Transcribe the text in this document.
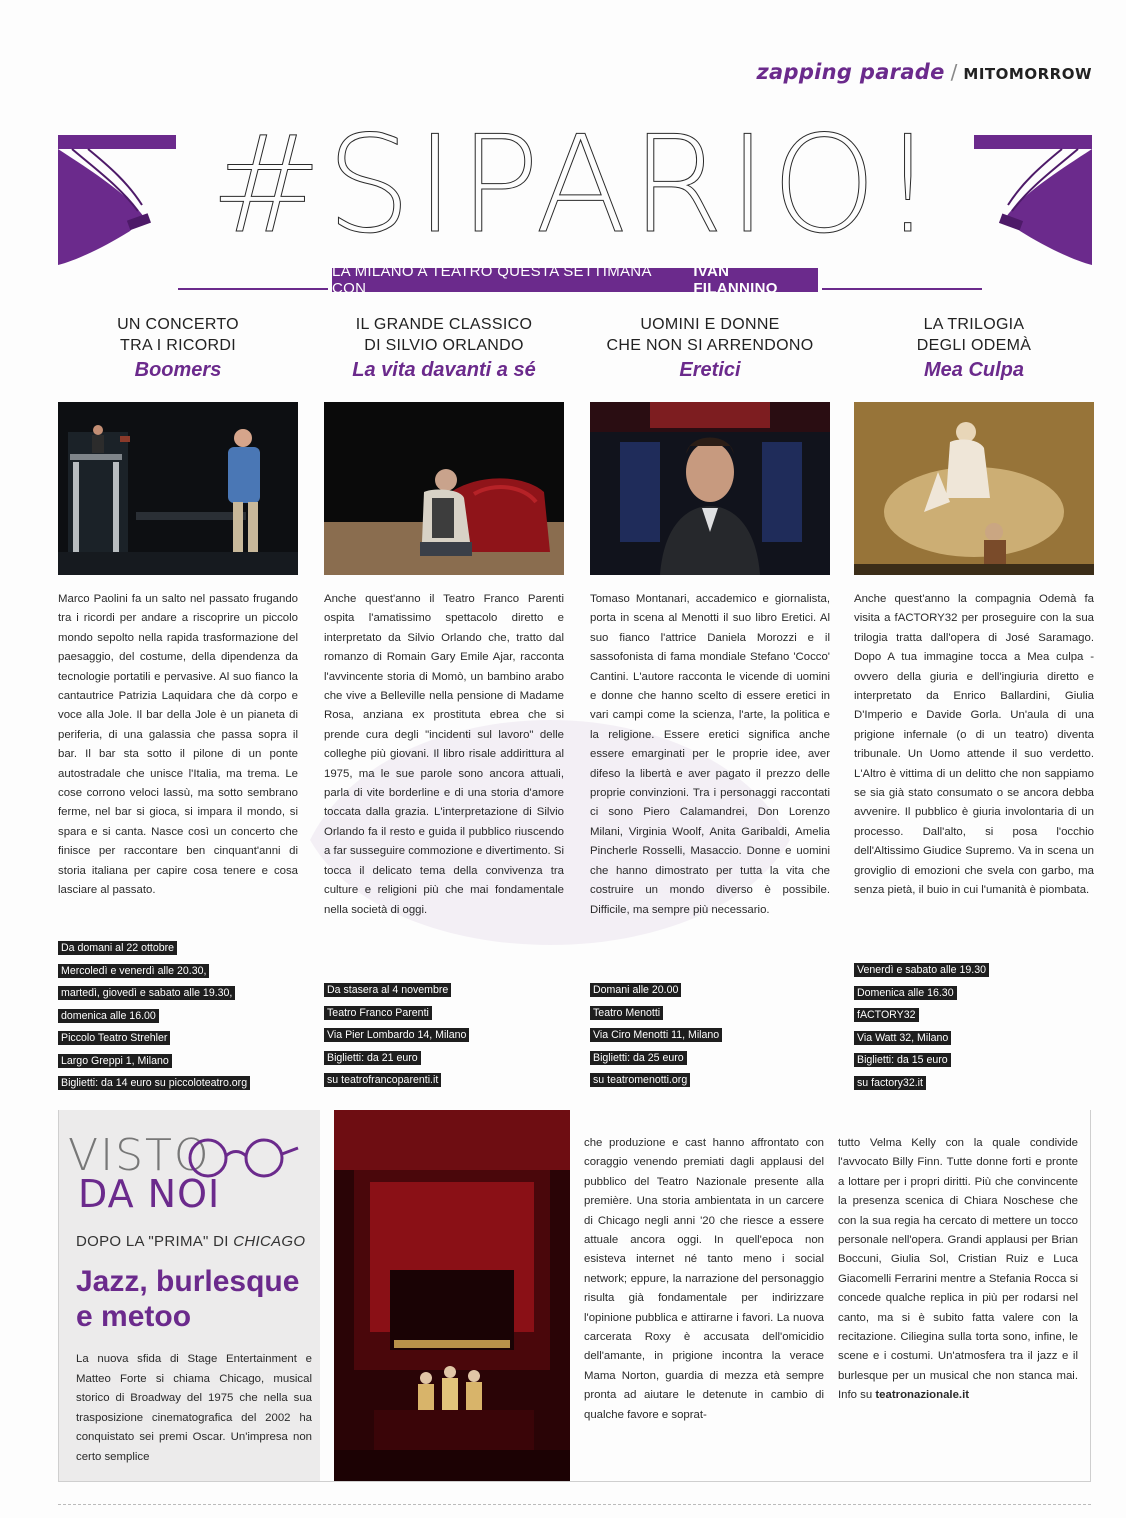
zapping parade / MITOMORROW
#SIPARIO!
LA MILANO A TEATRO QUESTA SETTIMANA CON
IVAN FILANNINO
UN CONCERTO
TRA I RICORDI
Boomers
Marco Paolini fa un salto nel passato frugando tra i ricordi per andare a riscoprire un piccolo mondo sepolto nella rapida trasformazione del paesaggio, del costume, della dipendenza da tecnologie portatili e pervasive. Al suo fianco la cantautrice Patrizia Laquidara che dà corpo e voce alla Jole. Il bar della Jole è un pianeta di periferia, di una galassia che passa sopra il bar. Il bar sta sotto il pilone di un ponte autostradale che unisce l'Italia, ma trema. Le cose corrono veloci lassù, ma sotto sembrano ferme, nel bar si gioca, si impara il mondo, si spara e si canta. Nasce così un concerto che finisce per raccontare ben cinquant'anni di storia italiana per capire cosa tenere e cosa lasciare al passato.
Da domani al 22 ottobre
Mercoledì e venerdì alle 20.30,
martedì, giovedì e sabato alle 19.30,
domenica alle 16.00
Piccolo Teatro Strehler
Largo Greppi 1, Milano
Biglietti: da 14 euro su piccoloteatro.org
IL GRANDE CLASSICO
DI SILVIO ORLANDO
La vita davanti a sé
Anche quest'anno il Teatro Franco Parenti ospita l'amatissimo spettacolo diretto e interpretato da Silvio Orlando che, tratto dal romanzo di Romain Gary Emile Ajar, racconta l'avvincente storia di Momò, un bambino arabo che vive a Belleville nella pensione di Madame Rosa, anziana ex prostituta ebrea che si prende cura degli "incidenti sul lavoro" delle colleghe più giovani. Il libro risale addirittura al 1975, ma le sue parole sono ancora attuali, parla di vite borderline e di una storia d'amore toccata dalla grazia. L'interpretazione di Silvio Orlando fa il resto e guida il pubblico riuscendo a far susseguire commozione e divertimento. Si tocca il delicato tema della convivenza tra culture e religioni più che mai fondamentale nella società di oggi.
Da stasera al 4 novembre
Teatro Franco Parenti
Via Pier Lombardo 14, Milano
Biglietti: da 21 euro
su teatrofrancoparenti.it
UOMINI E DONNE
CHE NON SI ARRENDONO
Eretici
Tomaso Montanari, accademico e giornalista, porta in scena al Menotti il suo libro Eretici. Al suo fianco l'attrice Daniela Morozzi e il sassofonista di fama mondiale Stefano 'Cocco' Cantini. L'autore racconta le vicende di uomini e donne che hanno scelto di essere eretici in vari campi come la scienza, l'arte, la politica e la religione. Essere eretici significa anche essere emarginati per le proprie idee, aver difeso la libertà e aver pagato il prezzo delle proprie convinzioni. Tra i personaggi raccontati ci sono Piero Calamandrei, Don Lorenzo Milani, Virginia Woolf, Anita Garibaldi, Amelia Pincherle Rosselli, Masaccio. Donne e uomini che hanno dimostrato per tutta la vita che costruire un mondo diverso è possibile. Difficile, ma sempre più necessario.
Domani alle 20.00
Teatro Menotti
Via Ciro Menotti 11, Milano
Biglietti: da 25 euro
su teatromenotti.org
LA TRILOGIA
DEGLI ODEMÀ
Mea Culpa
Anche quest'anno la compagnia Odemà fa visita a fACTORY32 per proseguire con la sua trilogia tratta dall'opera di José Saramago. Dopo A tua immagine tocca a Mea culpa - ovvero della giuria e dell'ingiuria diretto e interpretato da Enrico Ballardini, Giulia D'Imperio e Davide Gorla. Un'aula di una prigione infernale (o di un teatro) diventa tribunale. Un Uomo attende il suo verdetto. L'Altro è vittima di un delitto che non sappiamo se sia già stato consumato o se ancora debba avvenire. Il pubblico è giuria involontaria di un processo. Dall'alto, si posa l'occhio dell'Altissimo Giudice Supremo. Va in scena un groviglio di emozioni che svela con garbo, ma senza pietà, il buio in cui l'umanità è piombata.
Venerdì e sabato alle 19.30
Domenica alle 16.30
fACTORY32
Via Watt 32, Milano
Biglietti: da 15 euro
su factory32.it
VISTO
DA NOI
DOPO LA "PRIMA" DI CHICAGO
Jazz, burlesque
e metoo
La nuova sfida di Stage Entertainment e Matteo Forte si chiama Chicago, musical storico di Broadway del 1975 che nella sua trasposizione cinematografica del 2002 ha conquistato sei premi Oscar. Un'impresa non certo semplice
che produzione e cast hanno affrontato con coraggio venendo premiati dagli applausi del pubblico del Teatro Nazionale presente alla première. Una storia ambientata in un carcere di Chicago negli anni '20 che riesce a essere attuale ancora oggi. In quell'epoca non esisteva internet né tanto meno i social network; eppure, la narrazione del personaggio risulta già fondamentale per indirizzare l'opinione pubblica e attirarne i favori. La nuova carcerata Roxy è accusata dell'omicidio dell'amante, in prigione incontra la verace Mama Norton, guardia di mezza età sempre pronta ad aiutare le detenute in cambio di qualche favore e soprat-
tutto Velma Kelly con la quale condivide l'avvocato Billy Finn. Tutte donne forti e pronte a lottare per i propri diritti. Più che convincente la presenza scenica di Chiara Noschese che con la sua regia ha cercato di mettere un tocco personale nell'opera. Grandi applausi per Brian Boccuni, Giulia Sol, Cristian Ruiz e Luca Giacomelli Ferrarini mentre a Stefania Rocca si concede qualche replica in più per rodarsi nel canto, ma si è subito fatta valere con la recitazione. Ciliegina sulla torta sono, infine, le scene e i costumi. Un'atmosfera tra il jazz e il burlesque per un musical che non stanca mai. Info su teatronazionale.it
